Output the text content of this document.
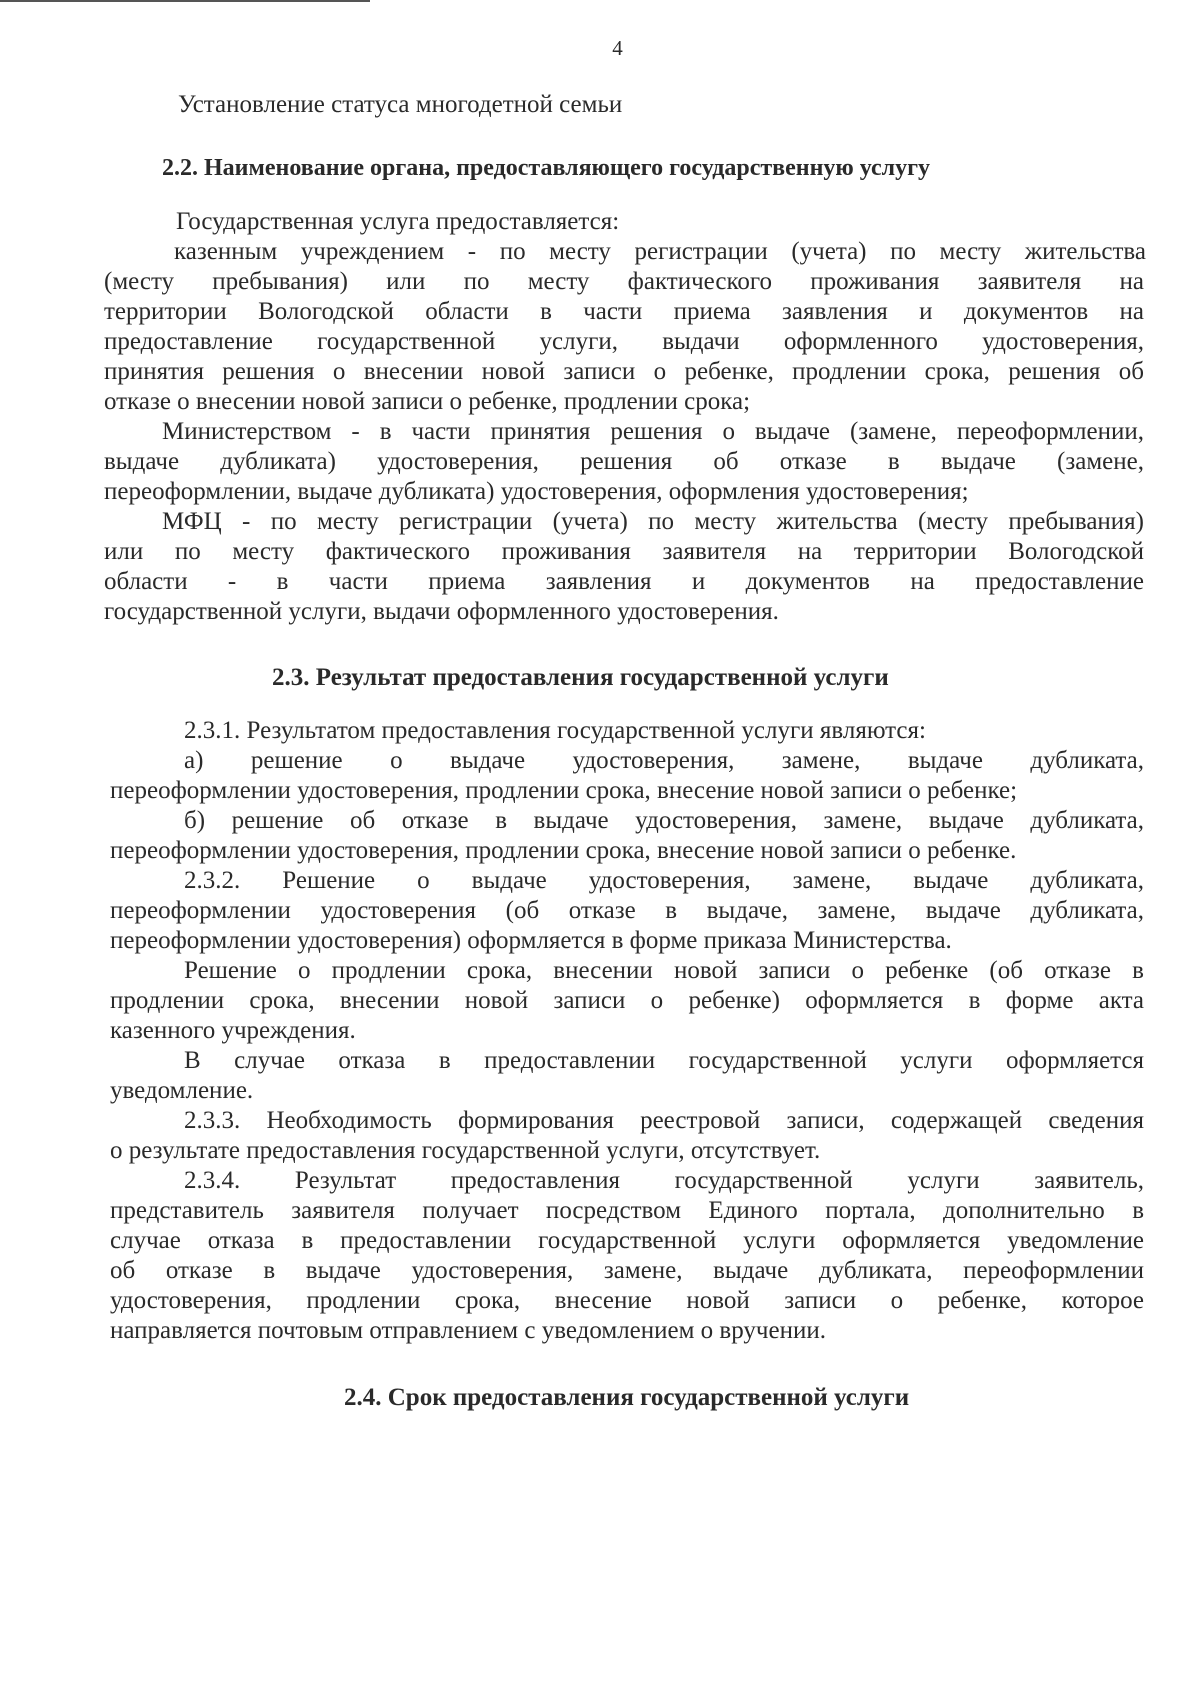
4
Установление статуса многодетной семьи
2.2. Наименование органа, предоставляющего государственную услугу
Государственная услуга предоставляется:
казенным учреждением - по месту регистрации (учета) по месту жительства
(месту пребывания) или по месту фактического проживания заявителя на
территории Вологодской области в части приема заявления и документов на
предоставление государственной услуги, выдачи оформленного удостоверения,
принятия решения о внесении новой записи о ребенке, продлении срока, решения об
отказе о внесении новой записи о ребенке, продлении срока;
Министерством - в части принятия решения о выдаче (замене, переоформлении,
выдаче дубликата) удостоверения, решения об отказе в выдаче (замене,
переоформлении, выдаче дубликата) удостоверения, оформления удостоверения;
МФЦ - по месту регистрации (учета) по месту жительства (месту пребывания)
или по месту фактического проживания заявителя на территории Вологодской
области - в части приема заявления и документов на предоставление
государственной услуги, выдачи оформленного удостоверения.
2.3. Результат предоставления государственной услуги
2.3.1. Результатом предоставления государственной услуги являются:
а) решение о выдаче удостоверения, замене, выдаче дубликата,
переоформлении удостоверения, продлении срока, внесение новой записи о ребенке;
б) решение об отказе в выдаче удостоверения, замене, выдаче дубликата,
переоформлении удостоверения, продлении срока, внесение новой записи о ребенке.
2.3.2. Решение о выдаче удостоверения, замене, выдаче дубликата,
переоформлении удостоверения (об отказе в выдаче, замене, выдаче дубликата,
переоформлении удостоверения) оформляется в форме приказа Министерства.
Решение о продлении срока, внесении новой записи о ребенке (об отказе в
продлении срока, внесении новой записи о ребенке) оформляется в форме акта
казенного учреждения.
В случае отказа в предоставлении государственной услуги оформляется
уведомление.
2.3.3. Необходимость формирования реестровой записи, содержащей сведения
о результате предоставления государственной услуги, отсутствует.
2.3.4. Результат предоставления государственной услуги заявитель,
представитель заявителя получает посредством Единого портала, дополнительно в
случае отказа в предоставлении государственной услуги оформляется уведомление
об отказе в выдаче удостоверения, замене, выдаче дубликата, переоформлении
удостоверения, продлении срока, внесение новой записи о ребенке, которое
направляется почтовым отправлением с уведомлением о вручении.
2.4. Срок предоставления государственной услуги
